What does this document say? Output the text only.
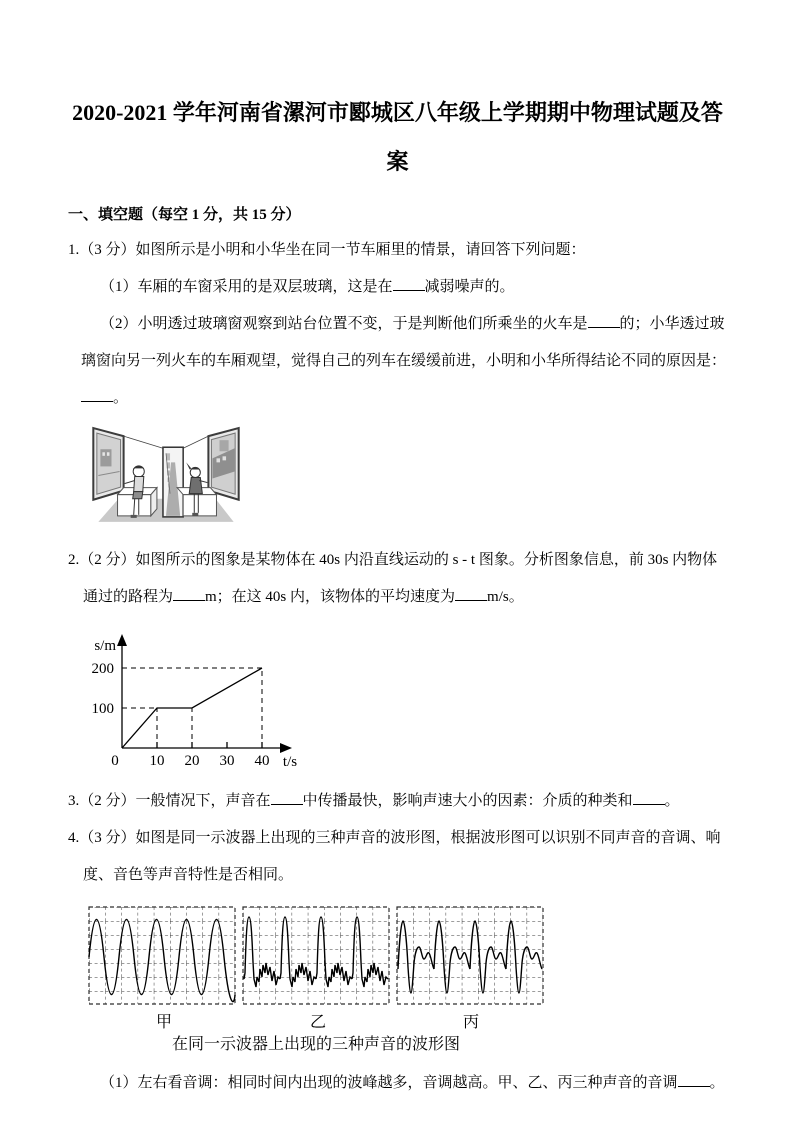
2020-2021 学年河南省漯河市郾城区八年级上学期期中物理试题及答案
一、填空题（每空 1 分，共 15 分）

1.（3 分）如图所示是小明和小华坐在同一节车厢里的情景，请回答下列问题：

（1）车厢的车窗采用的是双层玻璃，这是在 减弱噪声的。

（2）小明透过玻璃窗观察到站台位置不变，于是判断他们所乘坐的火车是 的；小华透过玻璃窗向另一列火车的车厢观望，觉得自己的列车在缓缓前进，小明和小华所得结论不同的原因是：。

2.（2 分）如图所示的图象是某物体在 40s 内沿直线运动的 s - t 图象。分析图象信息，前 30s 内物体通过的路程为 m；在这 40s 内，该物体的平均速度为 m/s。

s/m
t/s
0 10 20 30 40
100
200

3.（2 分）一般情况下，声音在 中传播最快，影响声速大小的因素：介质的种类和 。

4.（3 分）如图是同一示波器上出现的三种声音的波形图，根据波形图可以识别不同声音的音调、响度、音色等声音特性是否相同。

甲	乙	丙
在同一示波器上出现的三种声音的波形图

（1）左右看音调：相同时间内出现的波峰越多，音调越高。甲、乙、丙三种声音的音调 。
